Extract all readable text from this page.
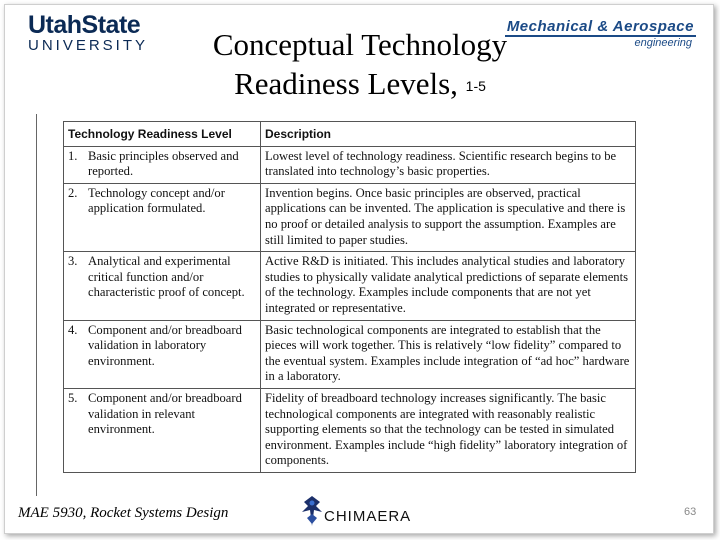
UtahState
UNIVERSITY
Mechanical & Aerospace
engineering
Conceptual Technology
Readiness Levels, $^{1-5}$
Technology Readiness Level	Description

1. Basic principles observed and reported.	Lowest level of technology readiness. Scientific research begins to be translated into technology’s basic properties.

2. Technology concept and/or application formulated.	Invention begins. Once basic principles are observed, practical applications can be invented. The application is speculative and there is no proof or detailed analysis to support the assumption. Examples are still limited to paper studies.

3. Analytical and experimental critical function and/or characteristic proof of concept.	Active R&D is initiated. This includes analytical studies and laboratory studies to physically validate analytical predictions of separate elements of the technology. Examples include components that are not yet integrated or representative.

4. Component and/or breadboard validation in laboratory environment.	Basic technological components are integrated to establish that the pieces will work together. This is relatively “low fidelity” compared to the eventual system. Examples include integration of “ad hoc” hardware in a laboratory.

5. Component and/or breadboard validation in relevant environment.	Fidelity of breadboard technology increases significantly. The basic technological components are integrated with reasonably realistic supporting elements so that the technology can be tested in simulated environment. Examples include “high fidelity” laboratory integration of components.
MAE 5930, Rocket Systems Design	CHIMAERA	63
